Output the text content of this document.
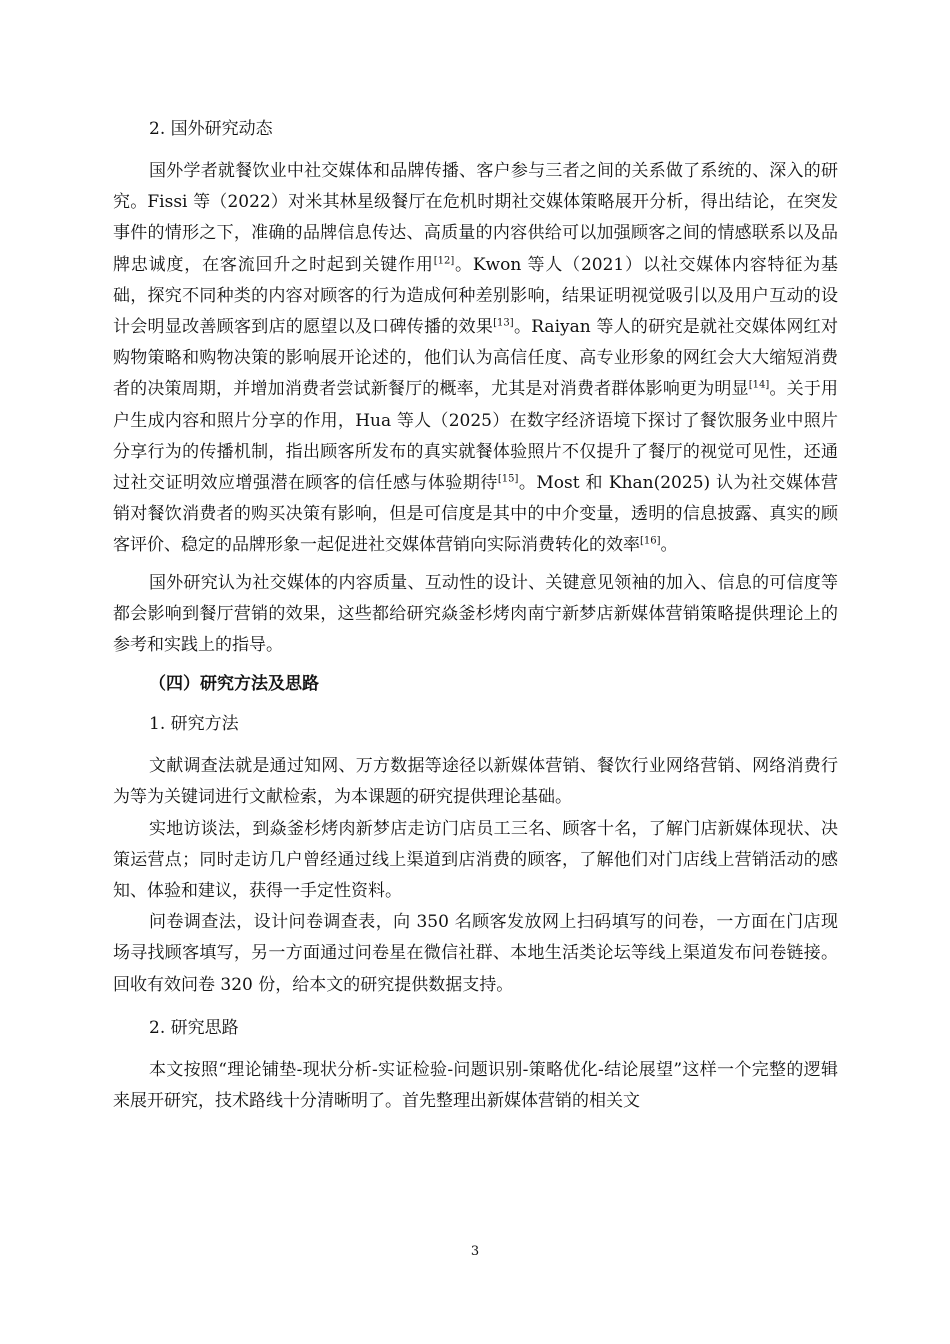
2. 国外研究动态

国外学者就餐饮业中社交媒体和品牌传播、客户参与三者之间的关系做了系统的、深入的研究。Fissi 等（2022）对米其林星级餐厅在危机时期社交媒体策略展开分析，得出结论，在突发事件的情形之下，准确的品牌信息传达、高质量的内容供给可以加强顾客之间的情感联系以及品牌忠诚度，在客流回升之时起到关键作用[12]。Kwon 等人（2021）以社交媒体内容特征为基础，探究不同种类的内容对顾客的行为造成何种差别影响，结果证明视觉吸引以及用户互动的设计会明显改善顾客到店的愿望以及口碑传播的效果[13]。Raiyan 等人的研究是就社交媒体网红对购物策略和购物决策的影响展开论述的，他们认为高信任度、高专业形象的网红会大大缩短消费者的决策周期，并增加消费者尝试新餐厅的概率，尤其是对消费者群体影响更为明显[14]。关于用户生成内容和照片分享的作用，Hua 等人（2025）在数字经济语境下探讨了餐饮服务业中照片分享行为的传播机制，指出顾客所发布的真实就餐体验照片不仅提升了餐厅的视觉可见性，还通过社交证明效应增强潜在顾客的信任感与体验期待[15]。Most 和 Khan(2025) 认为社交媒体营销对餐饮消费者的购买决策有影响，但是可信度是其中的中介变量，透明的信息披露、真实的顾客评价、稳定的品牌形象一起促进社交媒体营销向实际消费转化的效率[16]。

国外研究认为社交媒体的内容质量、互动性的设计、关键意见领袖的加入、信息的可信度等都会影响到餐厅营销的效果，这些都给研究焱釜杉烤肉南宁新梦店新媒体营销策略提供理论上的参考和实践上的指导。

（四）研究方法及思路

1. 研究方法

文献调查法就是通过知网、万方数据等途径以新媒体营销、餐饮行业网络营销、网络消费行为等为关键词进行文献检索，为本课题的研究提供理论基础。

实地访谈法，到焱釜杉烤肉新梦店走访门店员工三名、顾客十名，了解门店新媒体现状、决策运营点；同时走访几户曾经通过线上渠道到店消费的顾客，了解他们对门店线上营销活动的感知、体验和建议，获得一手定性资料。

问卷调查法，设计问卷调查表，向 350 名顾客发放网上扫码填写的问卷，一方面在门店现场寻找顾客填写，另一方面通过问卷星在微信社群、本地生活类论坛等线上渠道发布问卷链接。回收有效问卷 320 份，给本文的研究提供数据支持。

2. 研究思路

本文按照“理论铺垫-现状分析-实证检验-问题识别-策略优化-结论展望”这样一个完整的逻辑来展开研究，技术路线十分清晰明了。首先整理出新媒体营销的相关文

3
